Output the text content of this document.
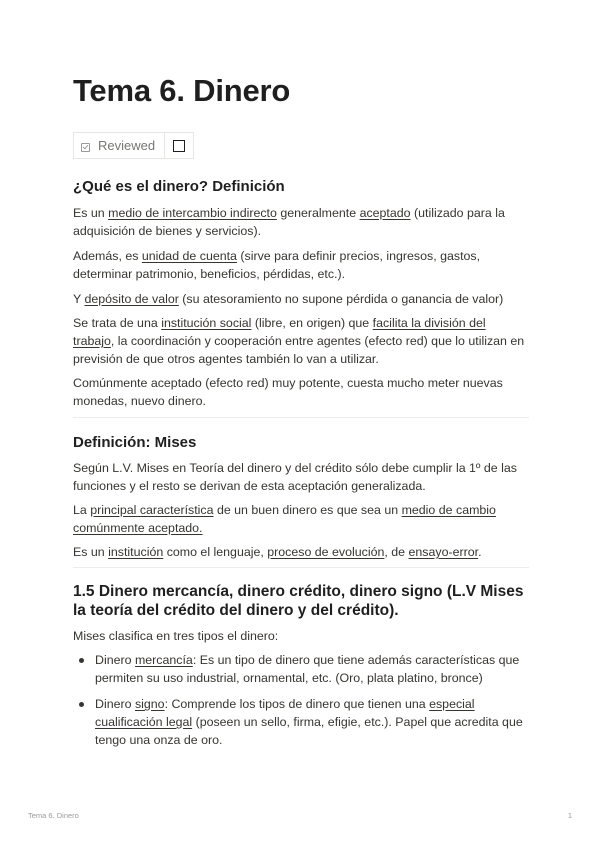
Tema 6. Dinero
Reviewed
¿Qué es el dinero? Definición

Es un medio de intercambio indirecto generalmente aceptado (utilizado para la adquisición de bienes y servicios).

Además, es unidad de cuenta (sirve para definir precios, ingresos, gastos, determinar patrimonio, beneficios, pérdidas, etc.).

Y depósito de valor (su atesoramiento no supone pérdida o ganancia de valor)

Se trata de una institución social (libre, en origen) que facilita la división del trabajo, la coordinación y cooperación entre agentes (efecto red) que lo utilizan en previsión de que otros agentes también lo van a utilizar.

Comúnmente aceptado (efecto red) muy potente, cuesta mucho meter nuevas monedas, nuevo dinero.

Definición: Mises

Según L.V. Mises en Teoría del dinero y del crédito sólo debe cumplir la 1º de las funciones y el resto se derivan de esta aceptación generalizada.

La principal característica de un buen dinero es que sea un medio de cambio comúnmente aceptado.

Es un institución como el lenguaje, proceso de evolución, de ensayo-error.

1.5 Dinero mercancía, dinero crédito, dinero signo (L.V Mises la teoría del crédito del dinero y del crédito).

Mises clasifica en tres tipos el dinero:

Dinero mercancía: Es un tipo de dinero que tiene además características que permiten su uso industrial, ornamental, etc. (Oro, plata platino, bronce)
Dinero signo: Comprende los tipos de dinero que tienen una especial cualificación legal (poseen un sello, firma, efigie, etc.). Papel que acredita que tengo una onza de oro.
Tema 6. Dinero	1
